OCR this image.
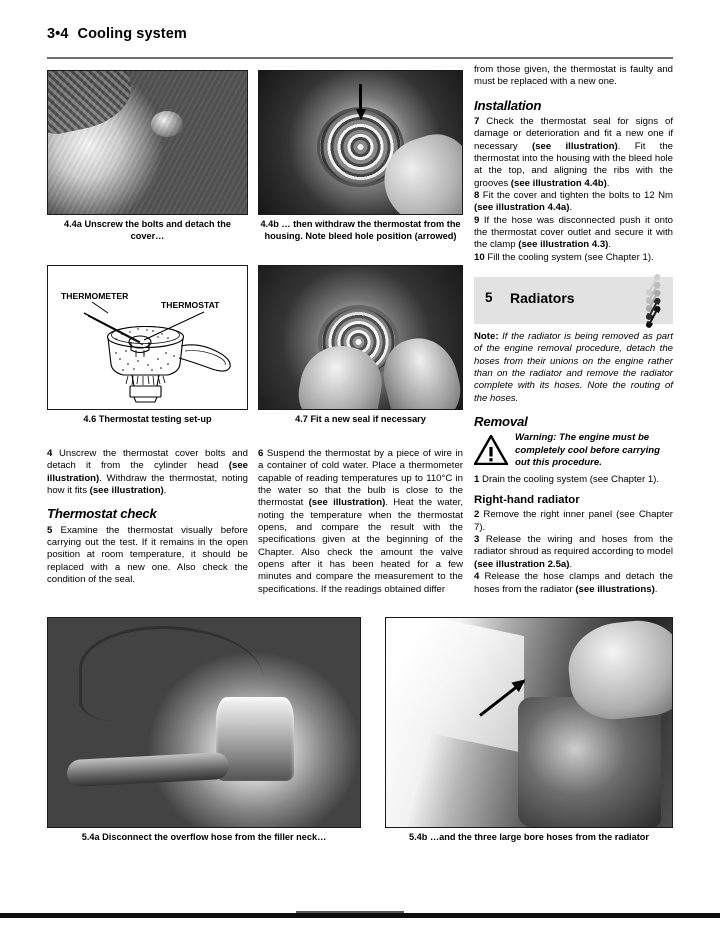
3•4 Cooling system
4.4a Unscrew the bolts and detach the cover…
4.4b … then withdraw the thermostat from the housing. Note bleed hole position (arrowed)
THERMOMETER
THERMOSTAT
4.6 Thermostat testing set-up	4.7 Fit a new seal if necessary

4 Unscrew the thermostat cover bolts and detach it from the cylinder head (see illustration). Withdraw the thermostat, noting how it fits (see illustration).

Thermostat check

5 Examine the thermostat visually before carrying out the test. If it remains in the open position at room temperature, it should be replaced with a new one. Also check the condition of the seal.

6 Suspend the thermostat by a piece of wire in a container of cold water. Place a thermometer capable of reading temperatures up to 110°C in the water so that the bulb is close to the thermostat (see illustration). Heat the water, noting the temperature when the thermostat opens, and compare the result with the specifications given at the beginning of the Chapter. Also check the amount the valve opens after it has been heated for a few minutes and compare the measurement to the specifications. If the readings obtained differ

from those given, the thermostat is faulty and must be replaced with a new one.

Installation

7 Check the thermostat seal for signs of damage or deterioration and fit a new one if necessary (see illustration). Fit the thermostat into the housing with the bleed hole at the top, and aligning the ribs with the grooves (see illustration 4.4b).

8 Fit the cover and tighten the bolts to 12 Nm (see illustration 4.4a).

9 If the hose was disconnected push it onto the thermostat cover outlet and secure it with the clamp (see illustration 4.3).

10 Fill the cooling system (see Chapter 1).

5 Radiators

Note: If the radiator is being removed as part of the engine removal procedure, detach the hoses from their unions on the engine rather than on the radiator and remove the radiator complete with its hoses. Note the routing of the hoses.

Removal
Warning: The engine must be completely cool before carrying out this procedure.

1 Drain the cooling system (see Chapter 1).

Right-hand radiator

2 Remove the right inner panel (see Chapter 7).

3 Release the wiring and hoses from the radiator shroud as required according to model (see illustration 2.5a).

4 Release the hose clamps and detach the hoses from the radiator (see illustrations).

5.4a Disconnect the overflow hose from the filler neck…	5.4b …and the three large bore hoses from the radiator
